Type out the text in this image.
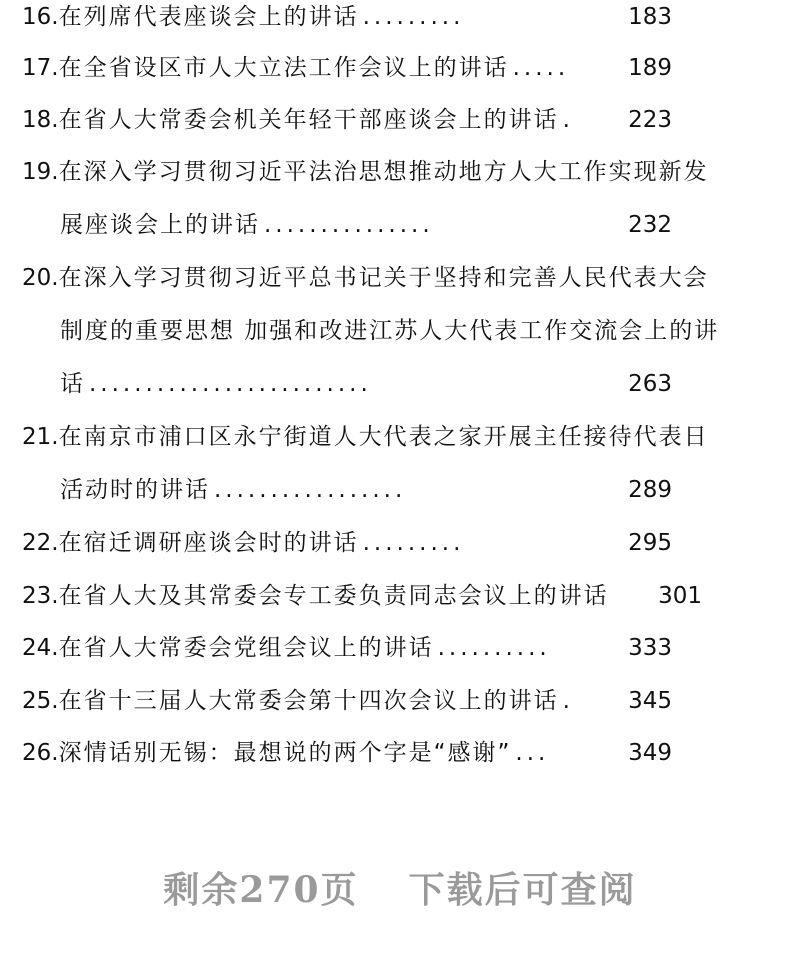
16. 在列席代表座谈会上的讲话 .........	183
17. 在全省设区市人大立法工作会议上的讲话 .....	189
18. 在省人大常委会机关年轻干部座谈会上的讲话 . 223
19. 在深入学习贯彻习近平法治思想推动地方人大工作实现新发
展座谈会上的讲话 ...............	232
20. 在深入学习贯彻习近平总书记关于坚持和完善人民代表大会
制度的重要思想 加强和改进江苏人大代表工作交流会上的讲
话 .........................	263
21. 在南京市浦口区永宁街道人大代表之家开展主任接待代表日
活动时的讲话 .................	289
22. 在宿迁调研座谈会时的讲话 .........	295
23. 在省人大及其常委会专工委负责同志会议上的讲话 301
24. 在省人大常委会党组会议上的讲话 ..........	333
25. 在省十三届人大常委会第十四次会议上的讲话 . 345
26. 深情话别无锡：最想说的两个字是“感谢” ...	349
剩余270页 下载后可查阅
